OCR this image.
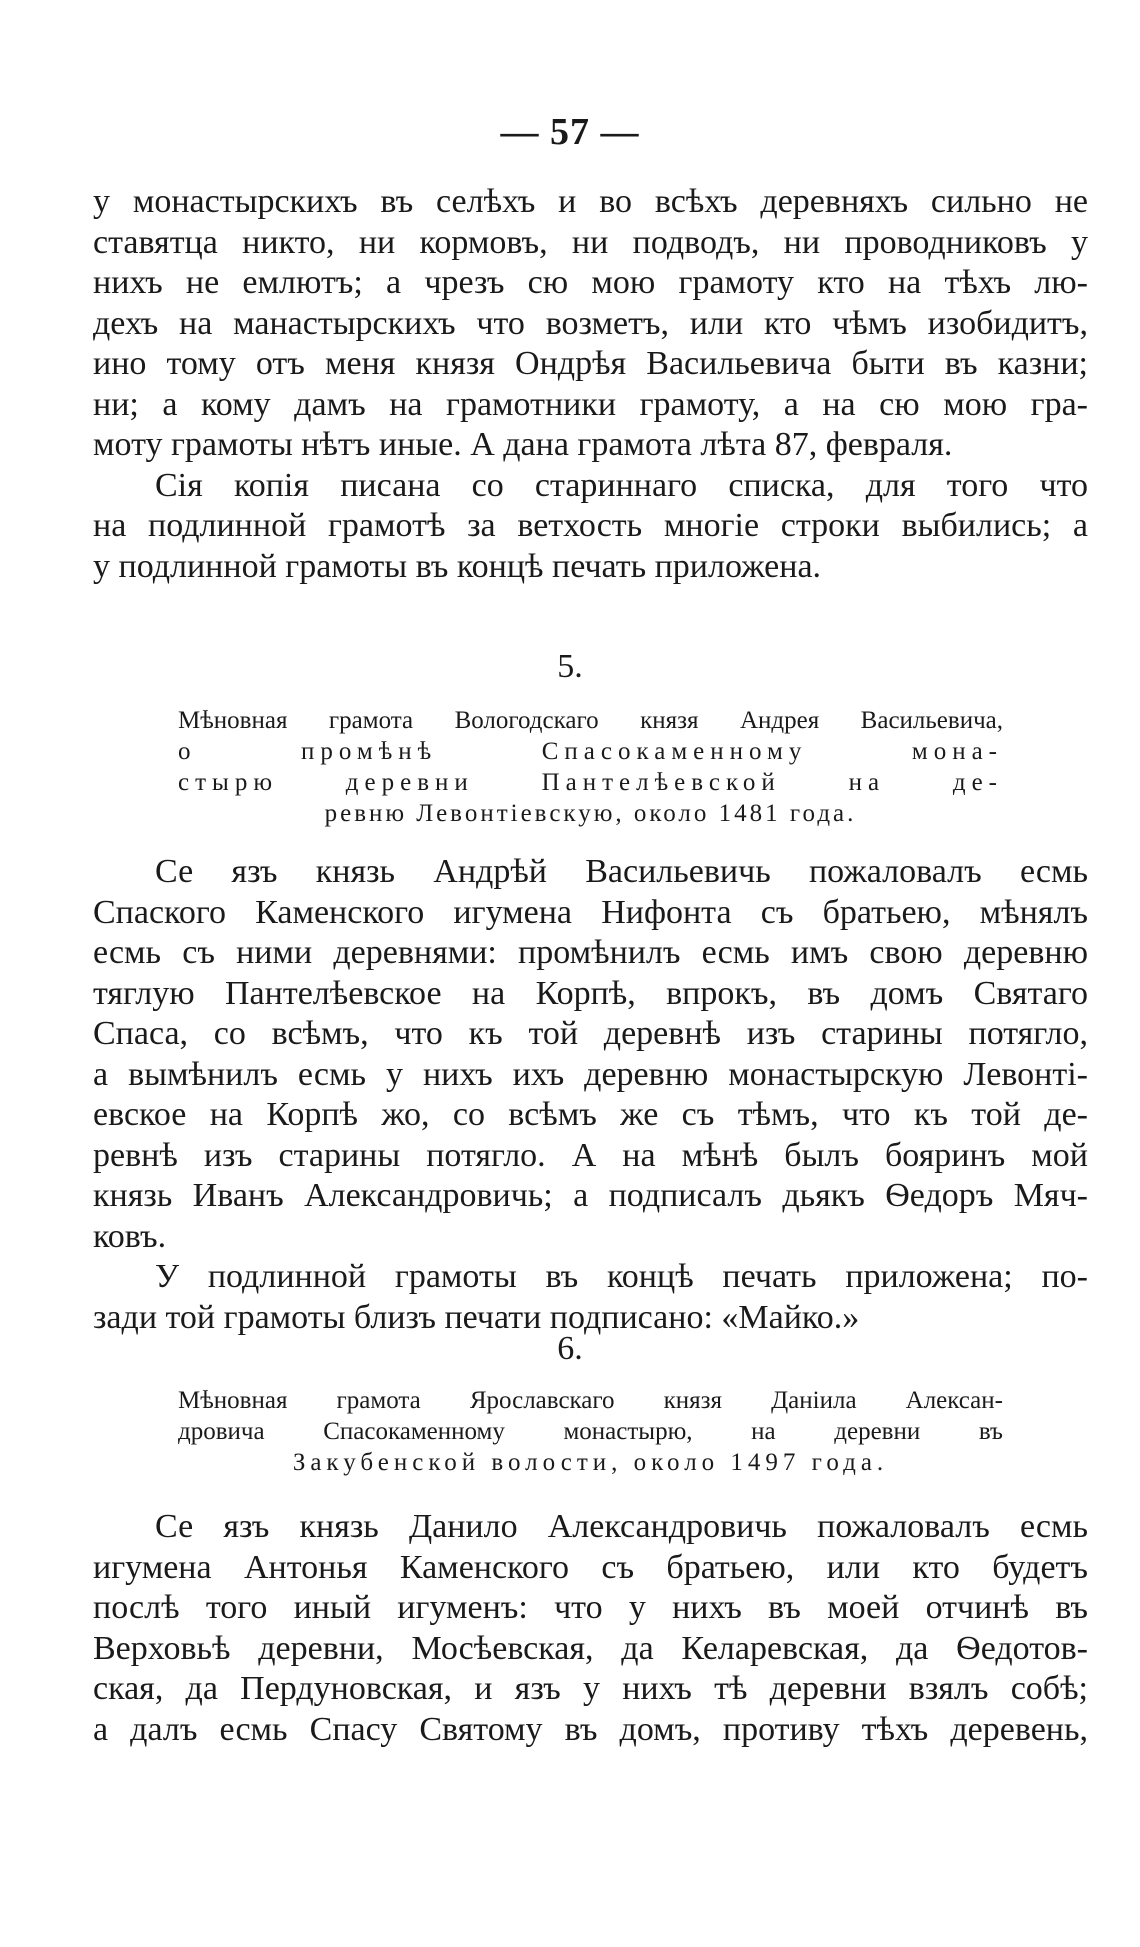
— 57 —

у монастырскихъ въ селѣхъ и во всѣхъ деревняхъ сильно не
ставятца никто, ни кормовъ, ни подводъ, ни проводниковъ у
нихъ не емлютъ; а чрезъ сю мою грамоту кто на тѣхъ лю-
дехъ на манастырскихъ что возметъ, или кто чѣмъ изобидитъ,
ино тому отъ меня князя Ондрѣя Васильевича быти въ казни;
ни; а кому дамъ на грамотники грамоту, а на сю мою гра-
моту грамоты нѣтъ иные. А дана грамота лѣта 87, февраля.

Сія копія писана со стариннаго списка, для того что
на подлинной грамотѣ за ветхость многіе строки выбились; а
у подлинной грамоты въ концѣ печать приложена.

5.
Мѣновная грамота Вологодскаго князя Андрея Васильевича,
о промѣнѣ Спасокаменному мона-
стырю деревни Пантелѣевской на де-
ревню Левонтіевскую, около 1481 года.

Се язъ князь Андрѣй Васильевичь пожаловалъ есмь
Спаского Каменского игумена Нифонта съ братьею, мѣнялъ
есмь съ ними деревнями: промѣнилъ есмь имъ свою деревню
тяглую Пантелѣевское на Корпѣ, впрокъ, въ домъ Святаго
Спаса, со всѣмъ, что къ той деревнѣ изъ старины потягло,
а вымѣнилъ есмь у нихъ ихъ деревню монастырскую Левонті-
евское на Корпѣ жо, со всѣмъ же съ тѣмъ, что къ той де-
ревнѣ изъ старины потягло. А на мѣнѣ былъ бояринъ мой
князь Иванъ Александровичь; а подписалъ дьякъ Ѳедоръ Мяч-
ковъ.

У подлинной грамоты въ концѣ печать приложена; по-
зади той грамоты близъ печати подписано: «Майко.»

6.
Мѣновная грамота Ярославскаго князя Даніила Алексан-
дровича Спасокаменному монастырю, на деревни въ
Закубенской волости, около 1497 года.

Се язъ князь Данило Александровичь пожаловалъ есмь
игумена Антонья Каменского съ братьею, или кто будетъ
послѣ того иный игуменъ: что у нихъ въ моей отчинѣ въ
Верховьѣ деревни, Мосѣевская, да Келаревская, да Ѳедотов-
ская, да Пердуновская, и язъ у нихъ тѣ деревни взялъ собѣ;
а далъ есмь Спасу Святому въ домъ, противу тѣхъ деревень,
